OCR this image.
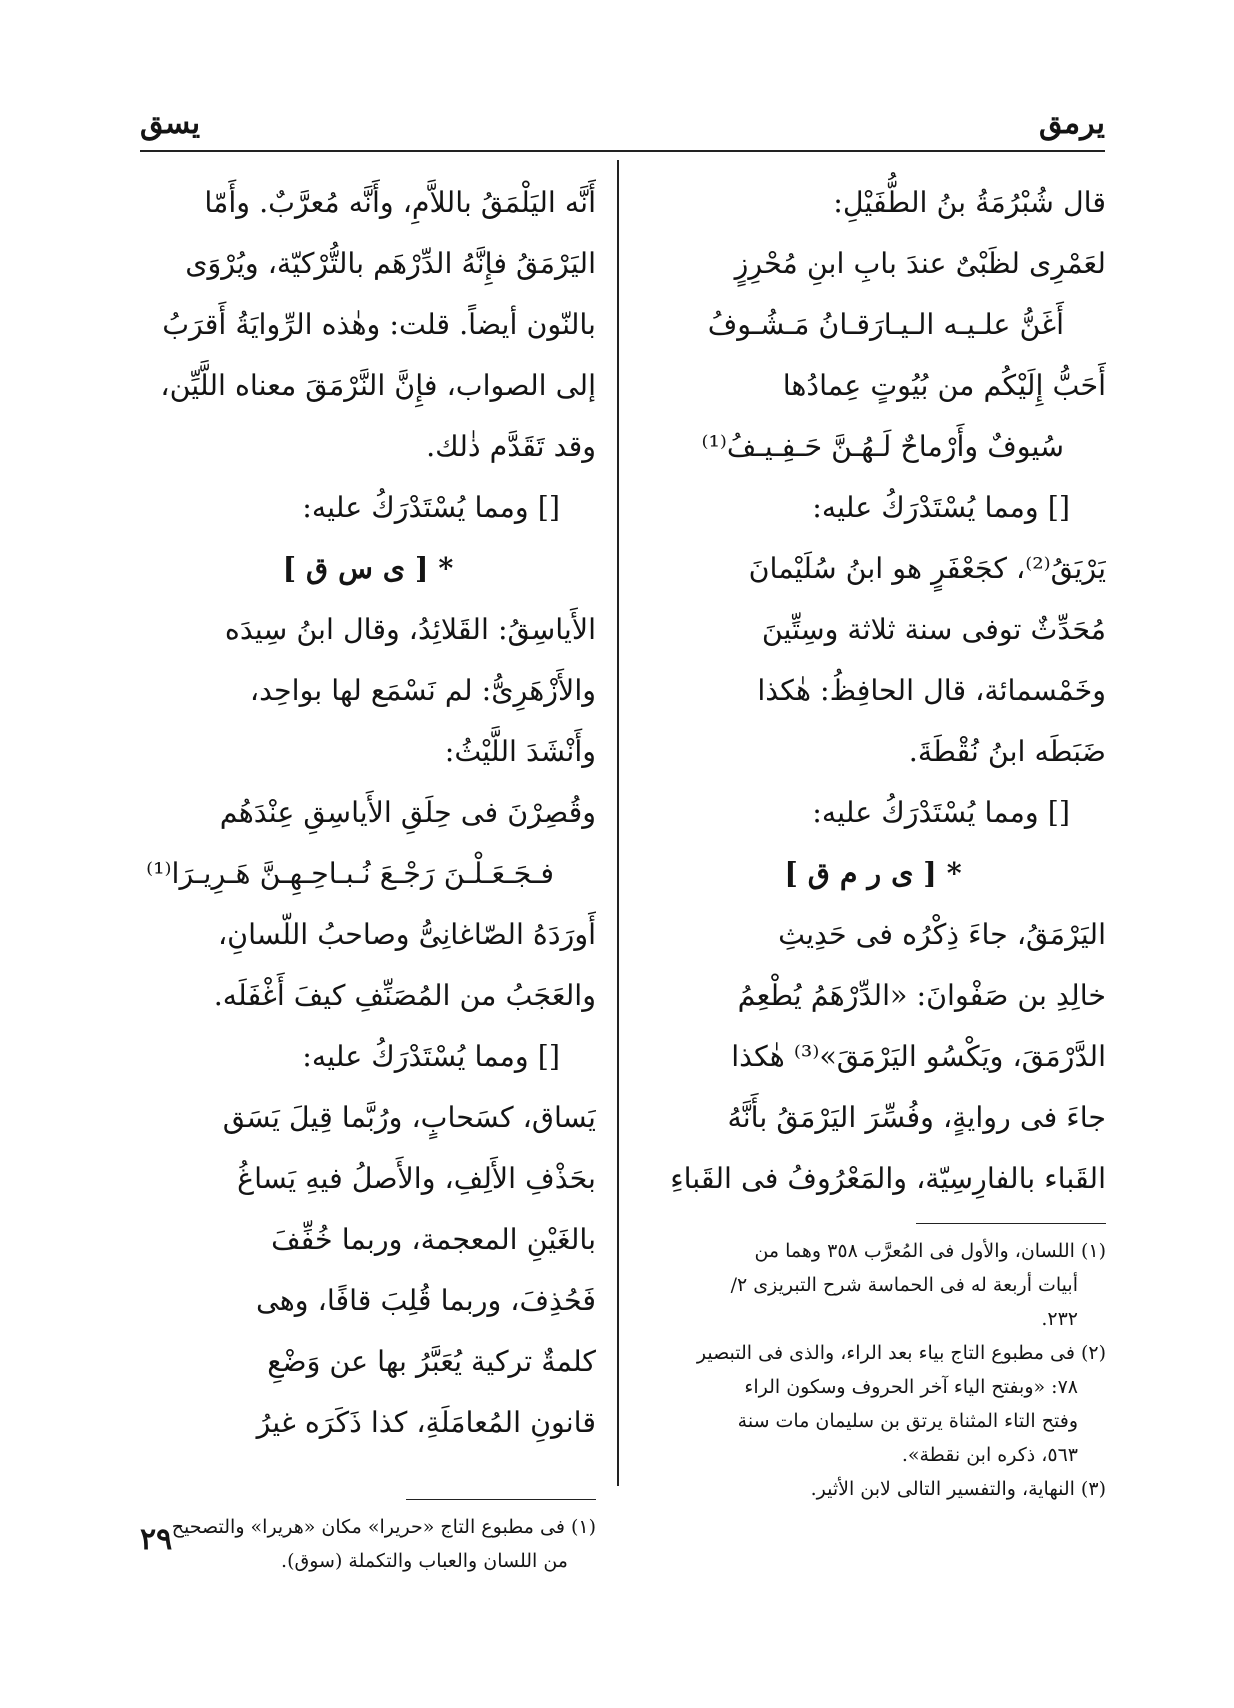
يرمق
يسق
قال شُبْرُمَةُ بنُ الطُّفَيْلِ:
لعَمْرِى لظَبْىٌ عندَ بابِ ابنِ مُحْرِزٍ
أَغَنُّ علـيـه الـيـارَقـانُ مَـشُـوفُ
أَحَبُّ إِلَيْكُم من بُيُوتٍ عِمادُها
سُيوفٌ وأَرْماحٌ لَـهُـنَّ حَـفِـيـفُ⁽¹⁾
[] ومما يُسْتَدْرَكُ عليه:
يَرْيَقُ⁽²⁾، كجَعْفَرٍ هو ابنُ سُلَيْمانَ
مُحَدِّثٌ توفى سنة ثلاثة وسِتِّينَ
وخَمْسمائة، قال الحافِظُ: هٰكذا
ضَبَطَه ابنُ نُقْطَةَ.
[] ومما يُسْتَدْرَكُ عليه:
* [ ى ر م ق ]
اليَرْمَقُ، جاءَ ذِكْرُه فى حَدِيثِ
خالِدِ بن صَفْوانَ: «الدِّرْهَمُ يُطْعِمُ
الدَّرْمَقَ، ويَكْسُو اليَرْمَقَ»⁽³⁾ هٰكذا
جاءَ فى روايةٍ، وفُسِّرَ اليَرْمَقُ بأَنَّهُ
القَباء بالفارِسِيّة، والمَعْرُوفُ فى القَباءِ
(١) اللسان، والأول فى المُعرَّب ٣٥٨ وهما من
أبيات أربعة له فى الحماسة شرح التبريزى ٢/
٢٣٢.
(٢) فى مطبوع التاج بياء بعد الراء، والذى فى التبصير
٧٨: «وبفتح الياء آخر الحروف وسكون الراء
وفتح التاء المثناة يرتق بن سليمان مات سنة
٥٦٣، ذكره ابن نقطة».
(٣) النهاية، والتفسير التالى لابن الأثير.
أَنَّه اليَلْمَقُ باللاَّمِ، وأَنَّه مُعرَّبٌ. وأَمّا
اليَرْمَقُ فإِنَّهُ الدِّرْهَم بالتُّرْكيّة، ويُرْوَى
بالنّون أيضاً. قلت: وهٰذه الرِّوايَةُ أَقرَبُ
إلى الصواب، فإِنَّ النَّرْمَقَ معناه اللَّيِّن،
وقد تَقَدَّم ذٰلك.
[] ومما يُسْتَدْرَكُ عليه:
* [ ى س ق ]
الأَياسِقُ: القَلائِدُ، وقال ابنُ سِيدَه
والأَزْهَرِىُّ: لم نَسْمَع لها بواحِد،
وأَنْشَدَ اللَّيْثُ:
وقُصِرْنَ فى حِلَقِ الأَياسِقِ عِنْدَهُم
فـجَـعَـلْـنَ رَجْـعَ نُـبـاحِـهِـنَّ هَـرِيـرَا⁽¹⁾
أَورَدَهُ الصّاغانِىُّ وصاحبُ اللّسانِ،
والعَجَبُ من المُصَنِّفِ كيفَ أَغْفَلَه.
[] ومما يُسْتَدْرَكُ عليه:
يَساق، كسَحابٍ، ورُبَّما قِيلَ يَسَق
بحَذْفِ الأَلِفِ، والأَصلُ فيهِ يَساغُ
بالغَيْنِ المعجمة، وربما خُفِّفَ
فَحُذِفَ، وربما قُلِبَ قافًا، وهى
كلمةٌ تركية يُعَبَّرُ بها عن وَضْعِ
قانونِ المُعامَلَةِ، كذا ذَكَرَه غيرُ
(١) فى مطبوع التاج «حريرا» مكان «هريرا» والتصحيح
من اللسان والعباب والتكملة (سوق).
٢٩
